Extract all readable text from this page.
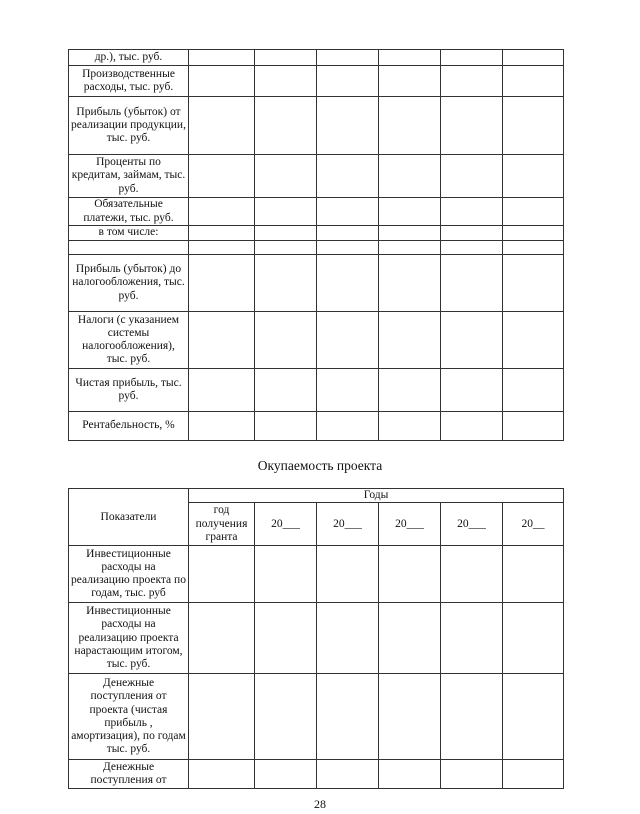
др.), тыс. руб.						
Производственные расходы, тыс. руб.						
Прибыль (убыток) от реализации продукции, тыс. руб.						
Проценты по кредитам, займам, тыс. руб.						
Обязательные платежи, тыс. руб.						
в том числе:						

Прибыль (убыток) до налогообложения, тыс. руб.						
Налоги (с указанием системы налогообложения), тыс. руб.						
Чистая прибыль, тыс. руб.						
Рентабельность, %						
Окупаемость проекта
Показатели	Годы					
	год получения гранта	20___	20___	20___	20___	20__
Инвестиционные расходы на реализацию проекта по годам, тыс. руб						
Инвестиционные расходы на реализацию проекта нарастающим итогом, тыс. руб.						
Денежные поступления от проекта (чистая прибыль , амортизация), по годам тыс. руб.						
Денежные поступления от						
28
